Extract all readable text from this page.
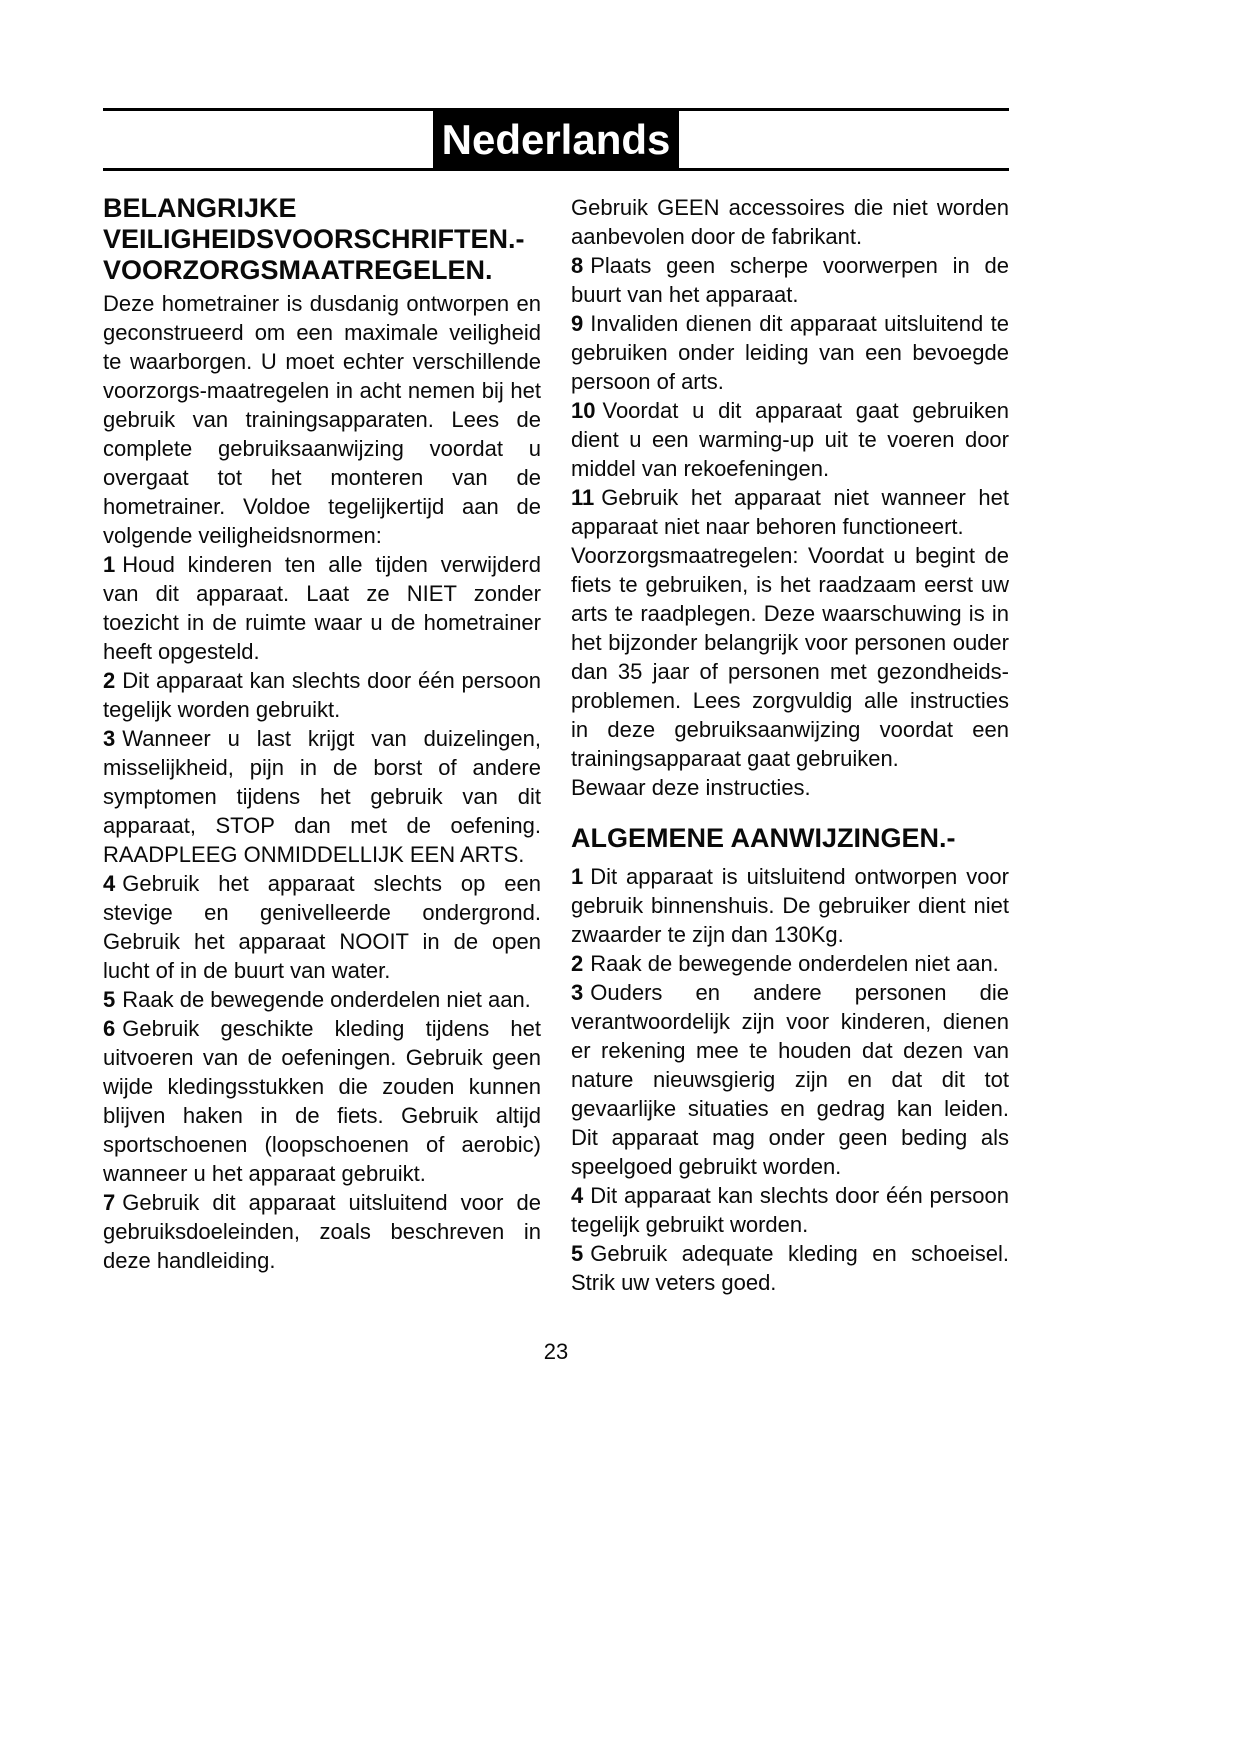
Nederlands
BELANGRIJKE
VEILIGHEIDSVOORSCHRIFTEN.-
VOORZORGSMAATREGELEN.

Deze hometrainer is dusdanig ontworpen en geconstrueerd om een maximale veiligheid te waarborgen. U moet echter verschillende voorzorgs-maatregelen in acht nemen bij het gebruik van trainingsapparaten. Lees de complete gebruiksaanwijzing voordat u overgaat tot het monteren van de hometrainer. Voldoe tegelijkertijd aan de volgende veiligheidsnormen:

1 Houd kinderen ten alle tijden verwijderd van dit apparaat. Laat ze NIET zonder toezicht in de ruimte waar u de hometrainer heeft opgesteld.

2 Dit apparaat kan slechts door één persoon tegelijk worden gebruikt.

3 Wanneer u last krijgt van duizelingen, misselijkheid, pijn in de borst of andere symptomen tijdens het gebruik van dit apparaat, STOP dan met de oefening. RAADPLEEG ONMIDDELLIJK EEN ARTS.

4 Gebruik het apparaat slechts op een stevige en genivelleerde ondergrond. Gebruik het apparaat NOOIT in de open lucht of in de buurt van water.

5 Raak de bewegende onderdelen niet aan.

6 Gebruik geschikte kleding tijdens het uitvoeren van de oefeningen. Gebruik geen wijde kledingsstukken die zouden kunnen blijven haken in de fiets. Gebruik altijd sportschoenen (loopschoenen of aerobic) wanneer u het apparaat gebruikt.

7 Gebruik dit apparaat uitsluitend voor de gebruiksdoeleinden, zoals beschreven in deze handleiding.

Gebruik GEEN accessoires die niet worden aanbevolen door de fabrikant.

8 Plaats geen scherpe voorwerpen in de buurt van het apparaat.

9 Invaliden dienen dit apparaat uitsluitend te gebruiken onder leiding van een bevoegde persoon of arts.

10 Voordat u dit apparaat gaat gebruiken dient u een warming-up uit te voeren door middel van rekoefeningen.

11 Gebruik het apparaat niet wanneer het apparaat niet naar behoren functioneert.

Voorzorgsmaatregelen: Voordat u begint de fiets te gebruiken, is het raadzaam eerst uw arts te raadplegen. Deze waarschuwing is in het bijzonder belangrijk voor personen ouder dan 35 jaar of personen met gezondheids-problemen. Lees zorgvuldig alle instructies in deze gebruiksaanwijzing voordat een trainingsapparaat gaat gebruiken.

Bewaar deze instructies.

ALGEMENE AANWIJZINGEN.-

1 Dit apparaat is uitsluitend ontworpen voor gebruik binnenshuis. De gebruiker dient niet zwaarder te zijn dan 130Kg.

2 Raak de bewegende onderdelen niet aan.

3 Ouders en andere personen die verantwoordelijk zijn voor kinderen, dienen er rekening mee te houden dat dezen van nature nieuwsgierig zijn en dat dit tot gevaarlijke situaties en gedrag kan leiden. Dit apparaat mag onder geen beding als speelgoed gebruikt worden.

4 Dit apparaat kan slechts door één persoon tegelijk gebruikt worden.

5 Gebruik adequate kleding en schoeisel. Strik uw veters goed.

23
